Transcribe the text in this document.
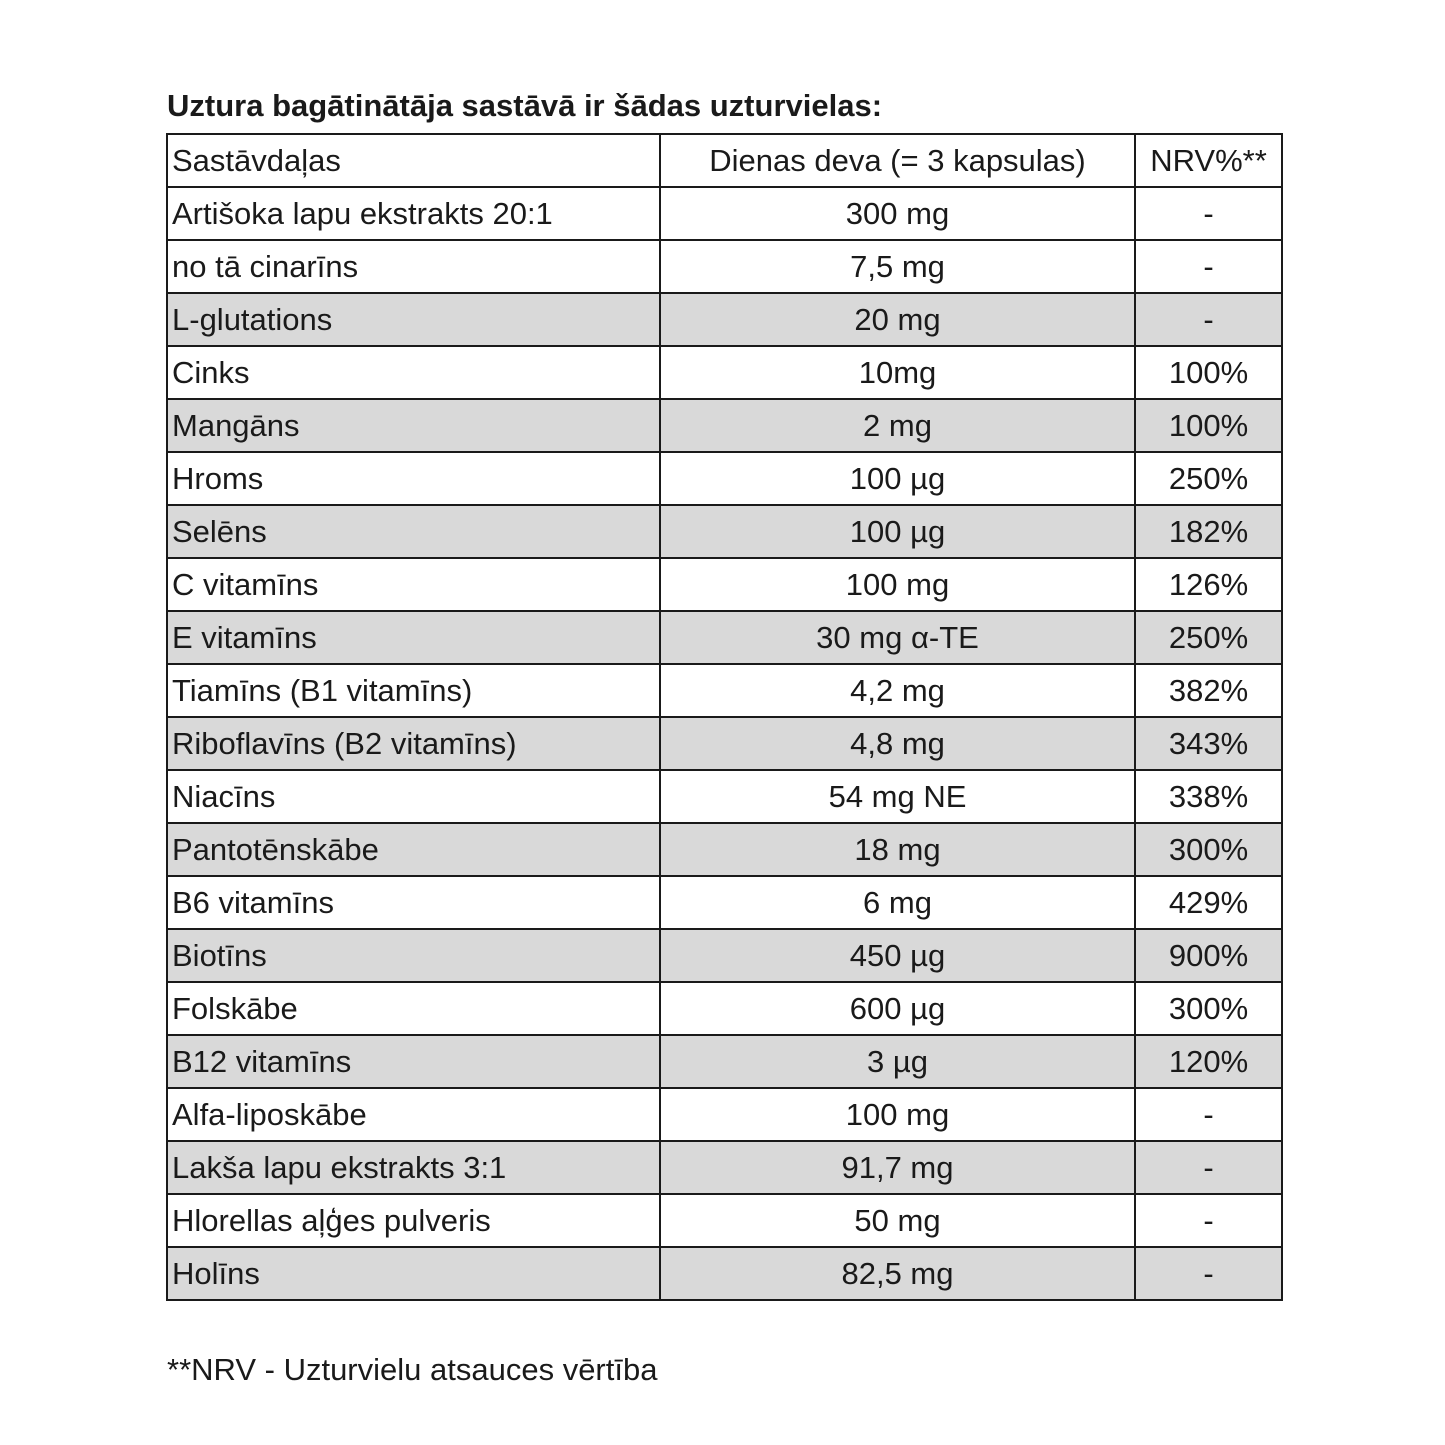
Uztura bagātinātāja sastāvā ir šādas uzturvielas:
Sastāvdaļas	Dienas deva (= 3 kapsulas)	NRV%**
Artišoka lapu ekstrakts 20:1	300 mg	-
no tā cinarīns	7,5 mg	-
L-glutations	20 mg	-
Cinks	10mg	100%
Mangāns	2 mg	100%
Hroms	100 µg	250%
Selēns	100 µg	182%
C vitamīns	100 mg	126%
E vitamīns	30 mg α-TE	250%
Tiamīns (B1 vitamīns)	4,2 mg	382%
Riboflavīns (B2 vitamīns)	4,8 mg	343%
Niacīns	54 mg NE	338%
Pantotēnskābe	18 mg	300%
B6 vitamīns	6 mg	429%
Biotīns	450 µg	900%
Folskābe	600 µg	300%
B12 vitamīns	3 µg	120%
Alfa-liposkābe	100 mg	-
Lakša lapu ekstrakts 3:1	91,7 mg	-
Hlorellas aļģes pulveris	50 mg	-
Holīns	82,5 mg	-
**NRV - Uzturvielu atsauces vērtība
